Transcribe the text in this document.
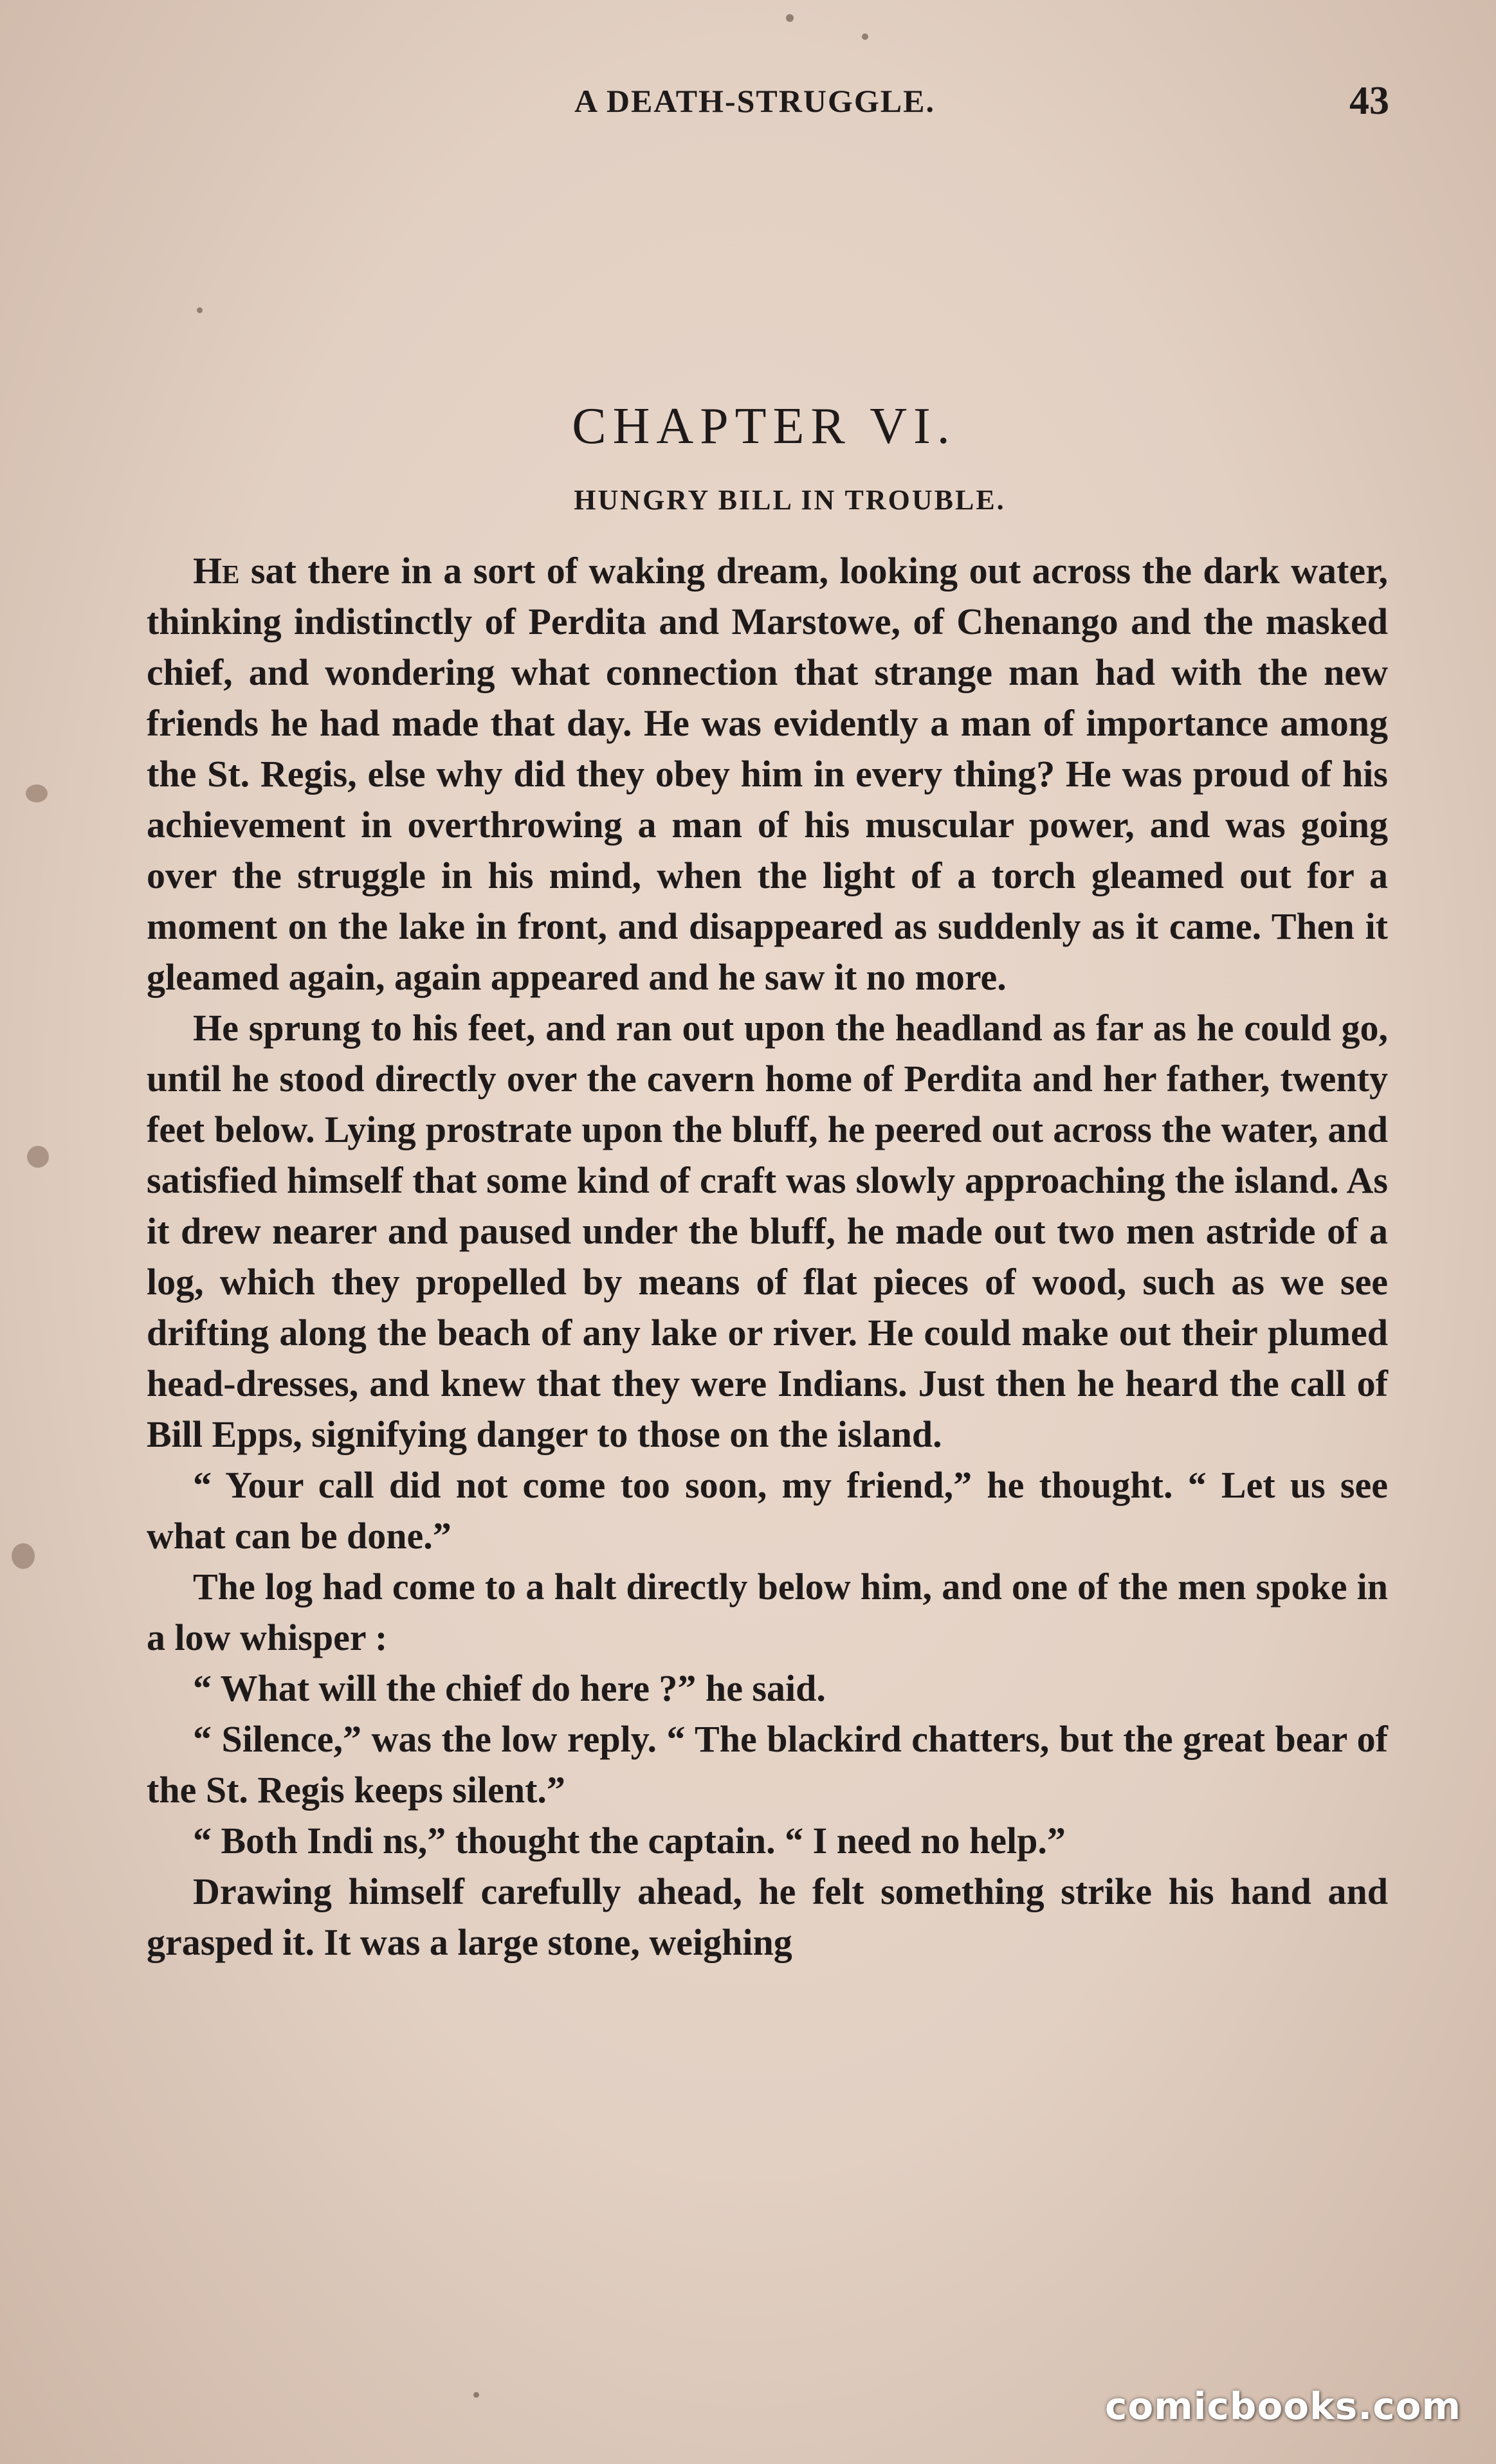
A DEATH-STRUGGLE.	43
CHAPTER VI.
HUNGRY BILL IN TROUBLE.

He sat there in a sort of waking dream, looking out across the dark water, thinking indistinctly of Perdita and Marstowe, of Chenango and the masked chief, and wondering what connection that strange man had with the new friends he had made that day. He was evidently a man of importance among the St. Regis, else why did they obey him in every thing? He was proud of his achievement in overthrowing a man of his muscular power, and was going over the struggle in his mind, when the light of a torch gleamed out for a moment on the lake in front, and disappeared as suddenly as it came. Then it gleamed again, again appeared and he saw it no more.

He sprung to his feet, and ran out upon the headland as far as he could go, until he stood directly over the cavern home of Perdita and her father, twenty feet below. Lying prostrate upon the bluff, he peered out across the water, and satisfied himself that some kind of craft was slowly approaching the island. As it drew nearer and paused under the bluff, he made out two men astride of a log, which they propelled by means of flat pieces of wood, such as we see drifting along the beach of any lake or river. He could make out their plumed head-dresses, and knew that they were Indians. Just then he heard the call of Bill Epps, signifying danger to those on the island.

“ Your call did not come too soon, my friend,” he thought. “ Let us see what can be done.”

The log had come to a halt directly below him, and one of the men spoke in a low whisper :

“ What will the chief do here ?” he said.

“ Silence,” was the low reply. “ The blackird chatters, but the great bear of the St. Regis keeps silent.”

“ Both Indi ns,” thought the captain. “ I need no help.”

Drawing himself carefully ahead, he felt something strike his hand and grasped it. It was a large stone, weighing

comicbooks.com
